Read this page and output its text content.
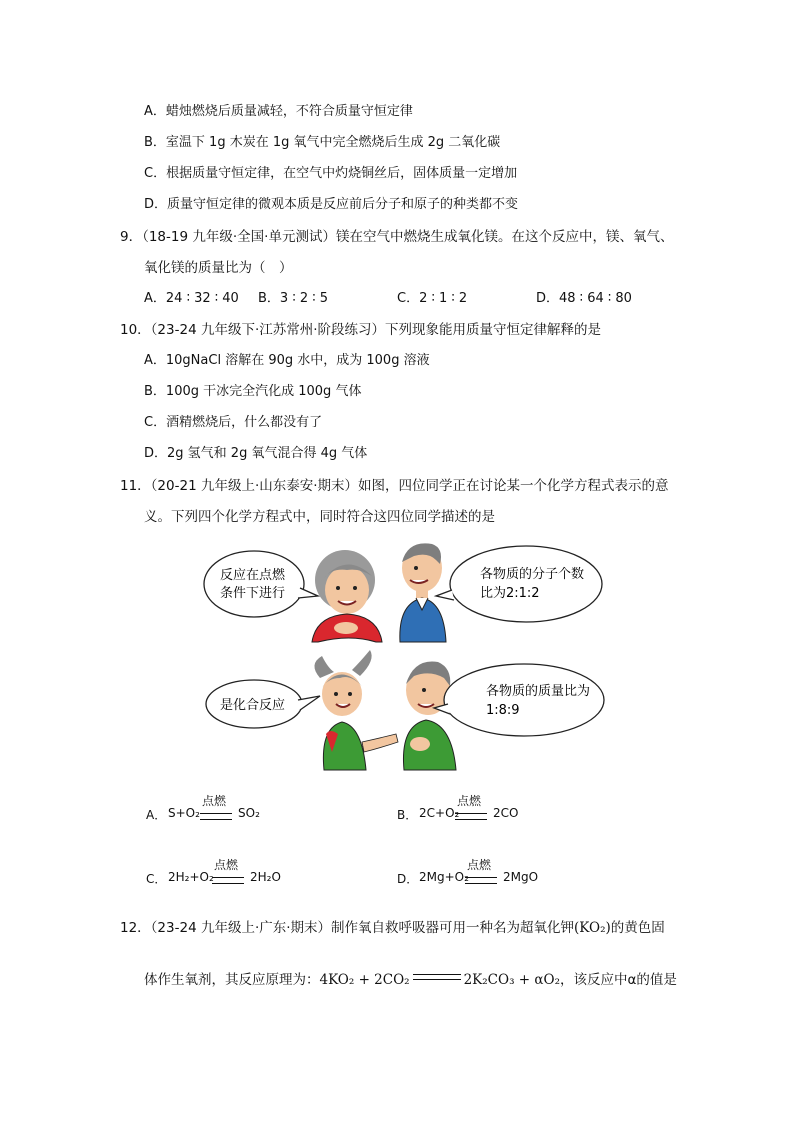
A．蜡烛燃烧后质量减轻，不符合质量守恒定律
B．室温下 1g 木炭在 1g 氧气中完全燃烧后生成 2g 二氧化碳
C．根据质量守恒定律，在空气中灼烧铜丝后，固体质量一定增加
D．质量守恒定律的微观本质是反应前后分子和原子的种类都不变
9．（18-19 九年级·全国·单元测试）镁在空气中燃烧生成氧化镁。在这个反应中，镁、氧气、
氧化镁的质量比为（　）
A．24 ∶ 32 ∶ 40 B．3 ∶ 2 ∶ 5	C．2 ∶ 1 ∶ 2	D．48 ∶ 64 ∶ 80
10．（23-24 九年级下·江苏常州·阶段练习）下列现象能用质量守恒定律解释的是
A．10gNaCl 溶解在 90g 水中，成为 100g 溶液
B．100g 干冰完全汽化成 100g 气体
C．酒精燃烧后，什么都没有了
D．2g 氢气和 2g 氧气混合得 4g 气体
11．（20-21 九年级上·山东泰安·期末）如图，四位同学正在讨论某一个化学方程式表示的意
义。下列四个化学方程式中，同时符合这四位同学描述的是
反应在点燃
条件下进行
各物质的分子个数
比为2:1:2
是化合反应
各物质的质量比为
1:8:9
A． S+O₂
点燃
SO₂	B． 2C+O₂
点燃
2CO
C． 2H₂+O₂
点燃
2H₂O	D． 2Mg+O₂
点燃
2MgO
12．（23-24 九年级上·广东·期末）制作氧自救呼吸器可用一种名为超氧化钾(KO₂)的黄色固
体作生氧剂，其反应原理为：4KO₂ + 2CO₂	2K₂CO₃ + αO₂，该反应中α的值是
